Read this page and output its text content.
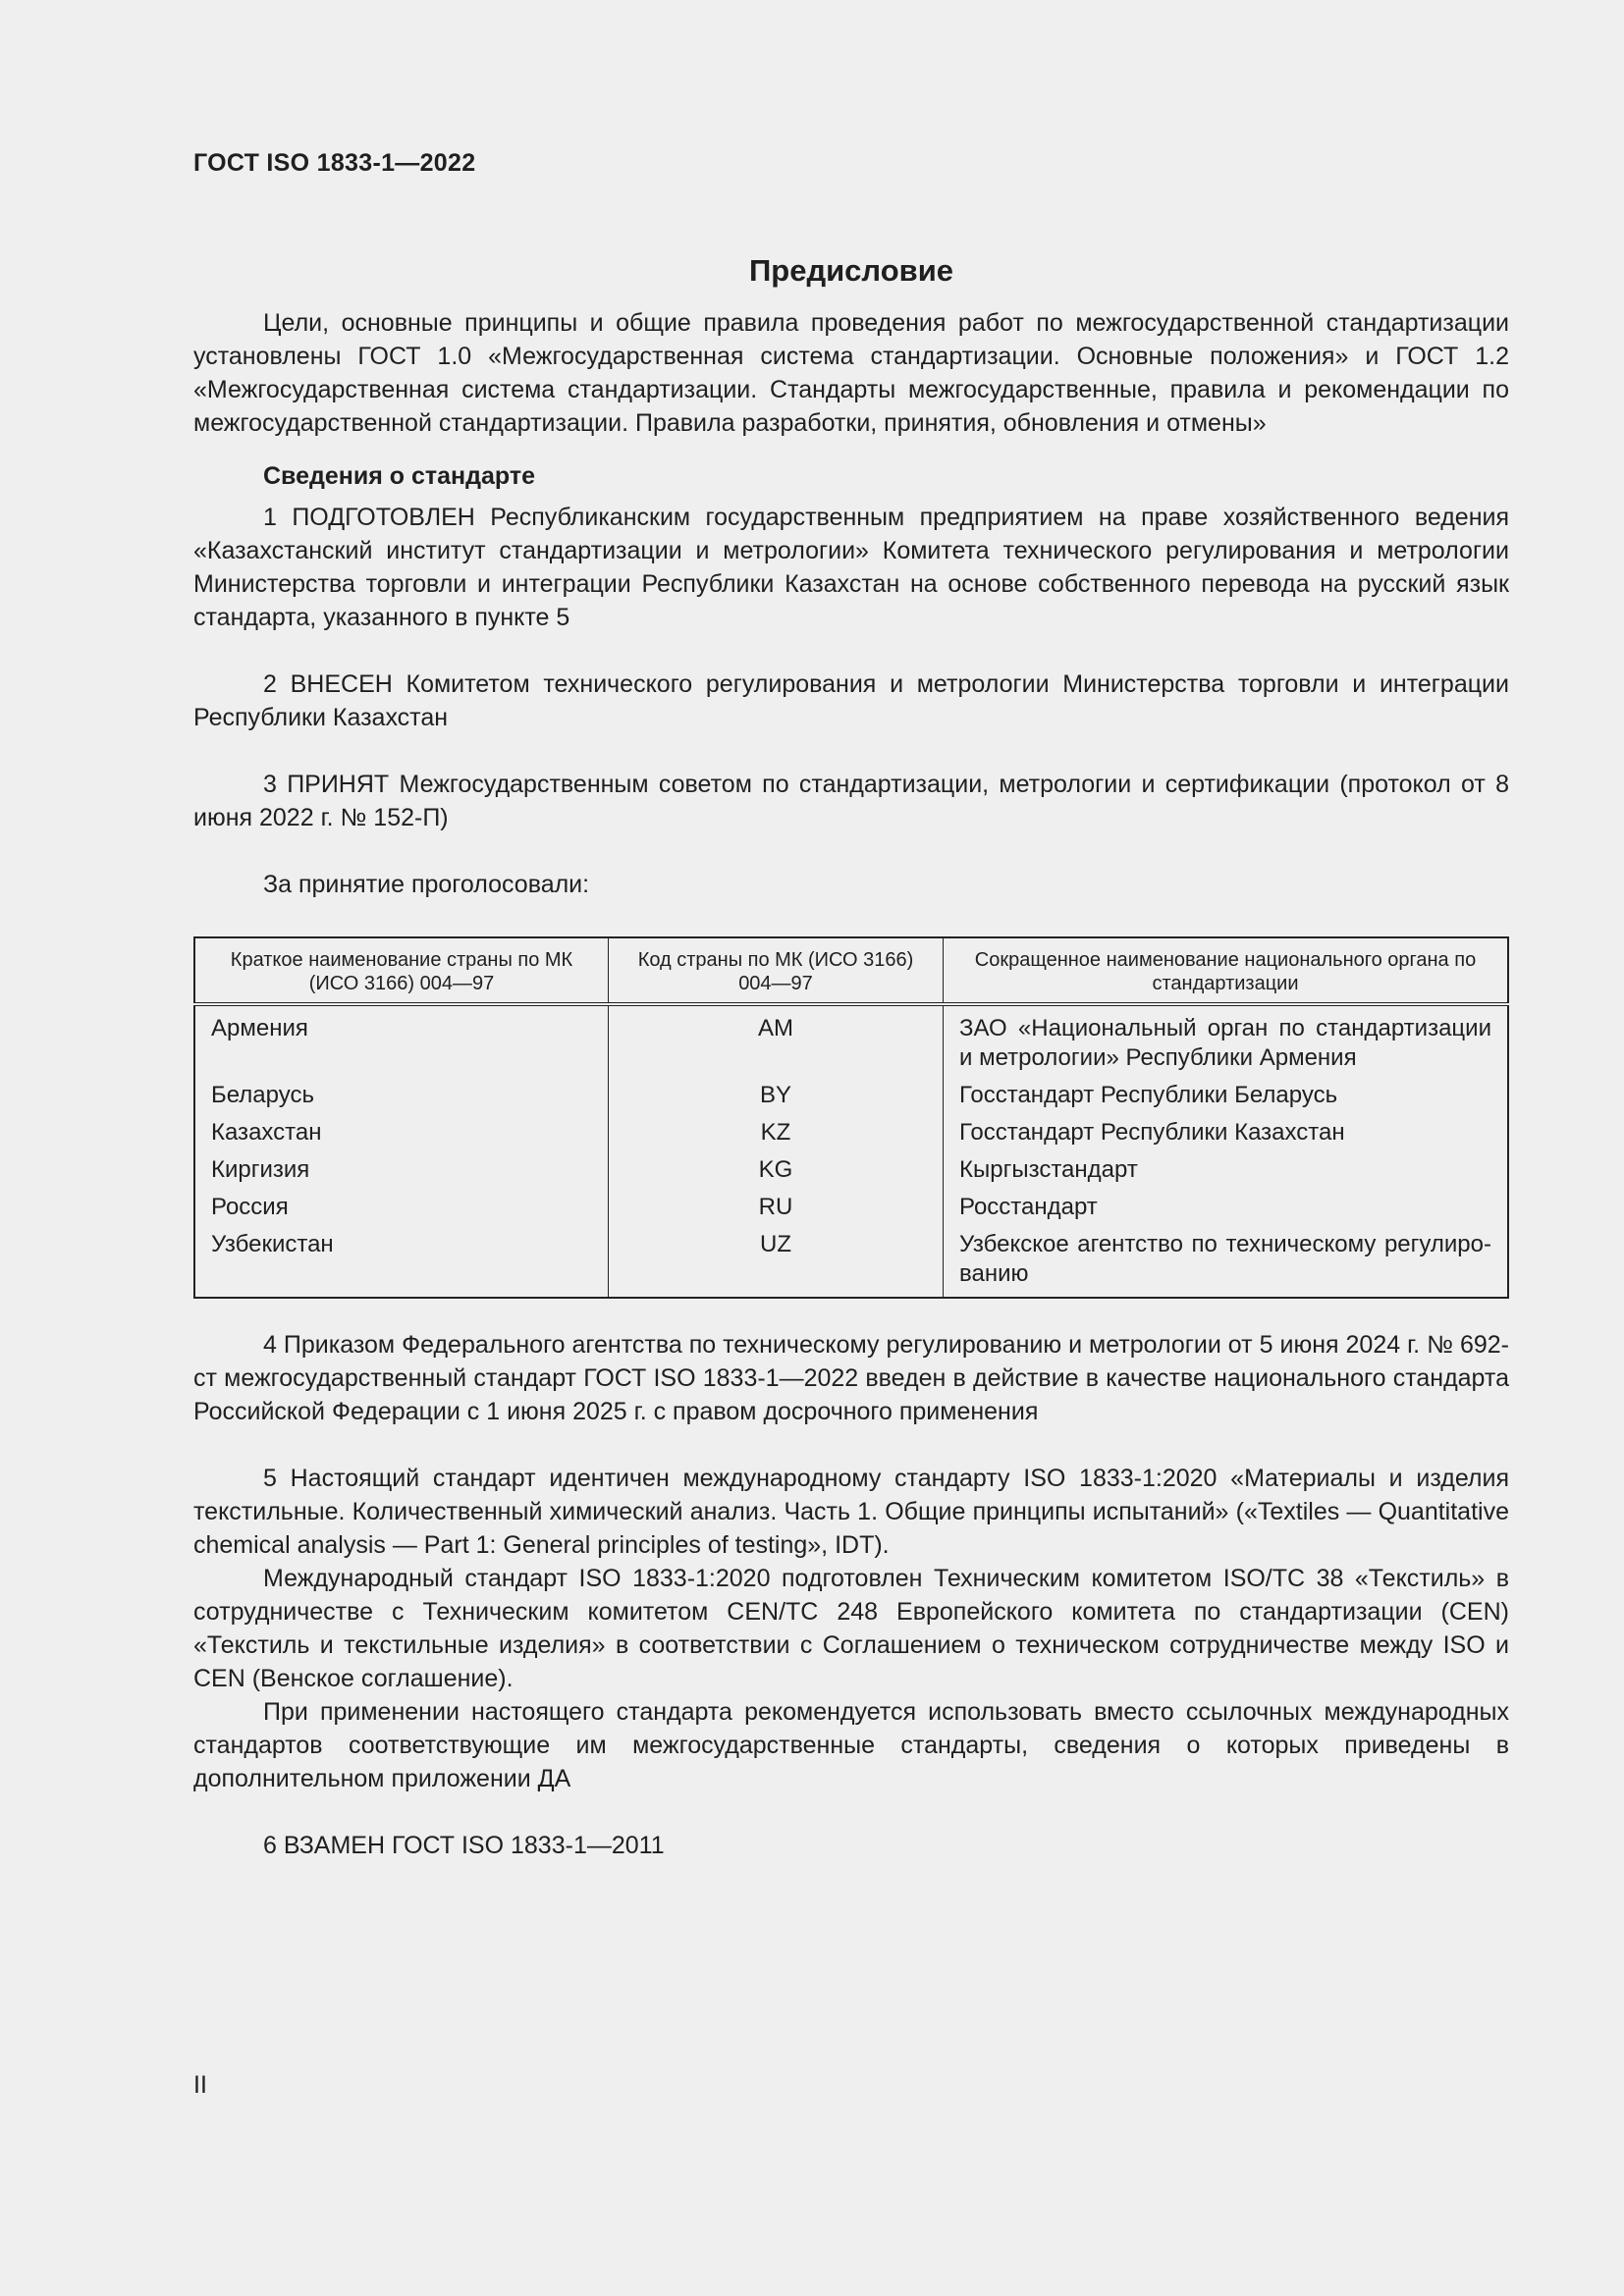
ГОСТ ISO 1833-1—2022

Предисловие

Цели, основные принципы и общие правила проведения работ по межгосударственной стандартизации установлены ГОСТ 1.0 «Межгосударственная система стандартизации. Основные положения» и ГОСТ 1.2 «Межгосударственная система стандартизации. Стандарты межгосударственные, правила и рекомендации по межгосударственной стандартизации. Правила разработки, принятия, обновления и отмены»

Сведения о стандарте

1 ПОДГОТОВЛЕН Республиканским государственным предприятием на праве хозяйственного ведения «Казахстанский институт стандартизации и метрологии» Комитета технического регулирования и метрологии Министерства торговли и интеграции Республики Казахстан на основе собственного перевода на русский язык стандарта, указанного в пункте 5

2 ВНЕСЕН Комитетом технического регулирования и метрологии Министерства торговли и интеграции Республики Казахстан

3 ПРИНЯТ Межгосударственным советом по стандартизации, метрологии и сертификации (протокол от 8 июня 2022 г. № 152-П)

За принятие проголосовали:

Краткое наименование страны по МК (ИСО 3166) 004—97	Код страны по МК (ИСО 3166) 004—97	Сокращенное наименование национального органа по стандартизации
Армения	AM	ЗАО «Национальный орган по стандартизации и метрологии» Республики Армения
Беларусь	BY	Госстандарт Республики Беларусь
Казахстан	KZ	Госстандарт Республики Казахстан
Киргизия	KG	Кыргызстандарт
Россия	RU	Росстандарт
Узбекистан	UZ	Узбекское агентство по техническому регулированию

4 Приказом Федерального агентства по техническому регулированию и метрологии от 5 июня 2024 г. № 692-ст межгосударственный стандарт ГОСТ ISO 1833-1—2022 введен в действие в качестве национального стандарта Российской Федерации с 1 июня 2025 г. с правом досрочного применения

5 Настоящий стандарт идентичен международному стандарту ISO 1833-1:2020 «Материалы и изделия текстильные. Количественный химический анализ. Часть 1. Общие принципы испытаний» («Textiles — Quantitative chemical analysis — Part 1: General principles of testing», IDT).

Международный стандарт ISO 1833-1:2020 подготовлен Техническим комитетом ISO/TC 38 «Текстиль» в сотрудничестве с Техническим комитетом CEN/TC 248 Европейского комитета по стандартизации (CEN) «Текстиль и текстильные изделия» в соответствии с Соглашением о техническом сотрудничестве между ISO и CEN (Венское соглашение).

При применении настоящего стандарта рекомендуется использовать вместо ссылочных международных стандартов соответствующие им межгосударственные стандарты, сведения о которых приведены в дополнительном приложении ДА

6 ВЗАМЕН ГОСТ ISO 1833-1—2011

II
